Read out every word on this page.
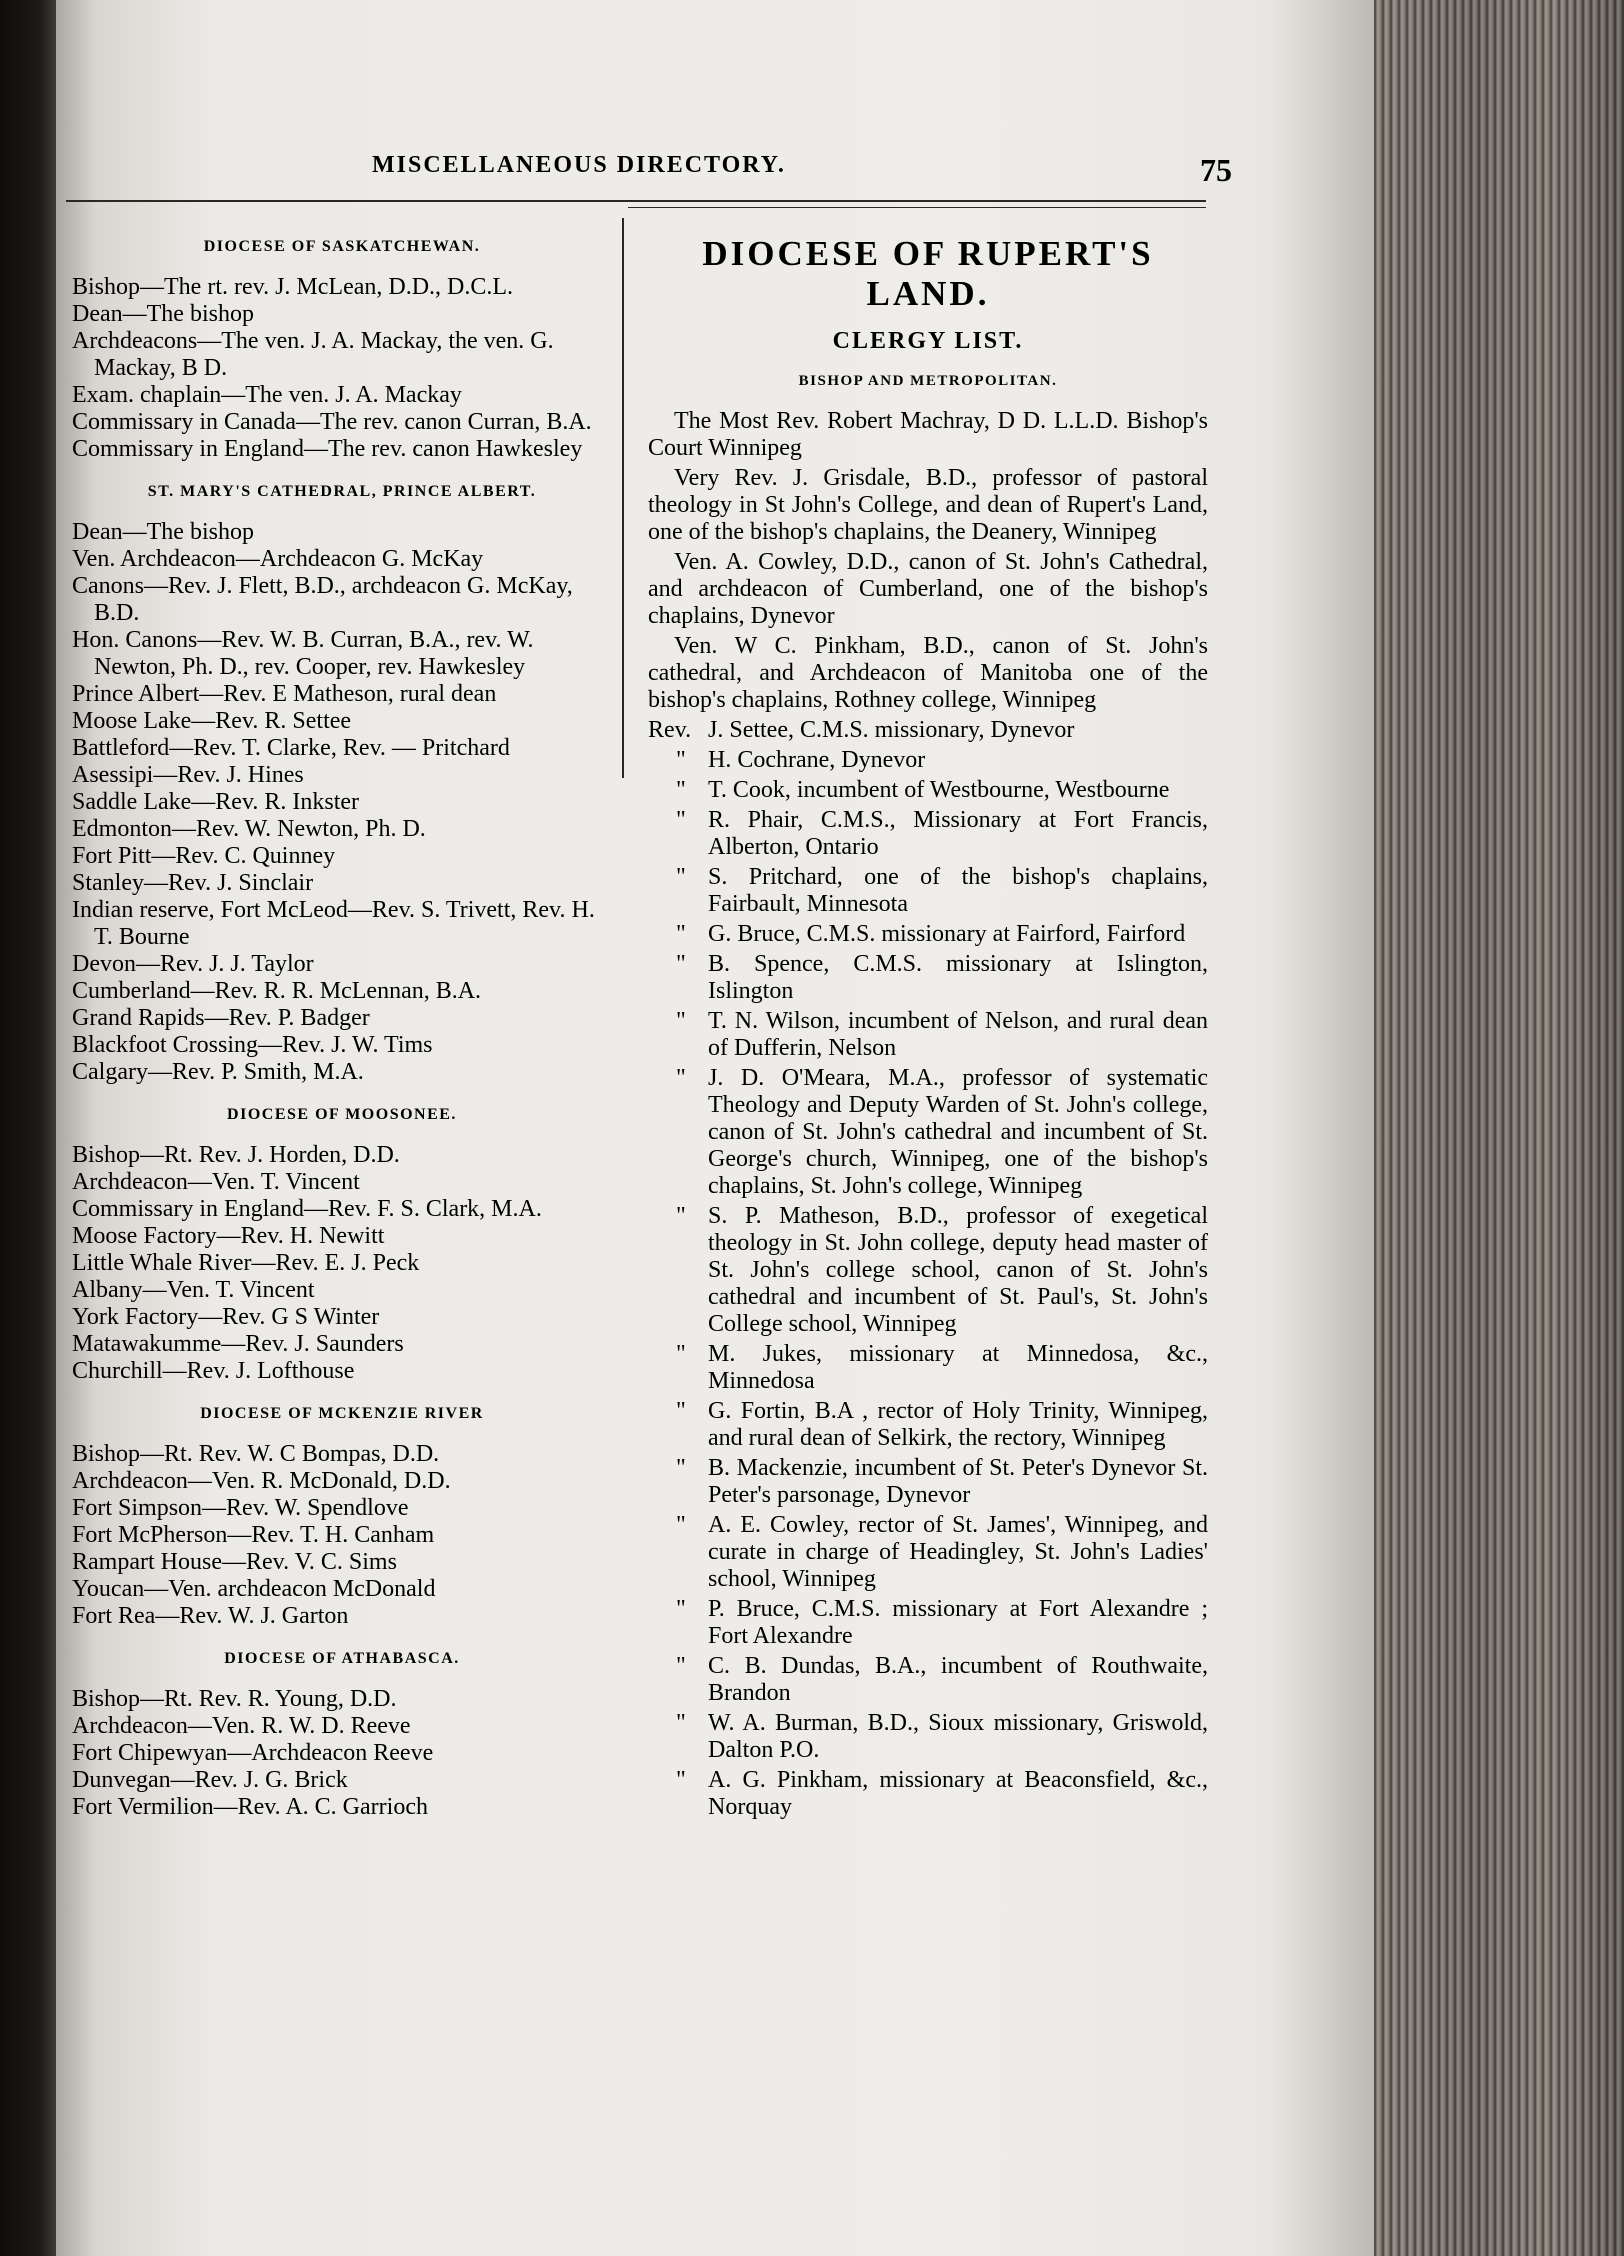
MISCELLANEOUS DIRECTORY.	75
DIOCESE OF SASKATCHEWAN.

Bishop—The rt. rev. J. McLean, D.D., D.C.L.

Dean—The bishop

Archdeacons—The ven. J. A. Mackay, the ven. G. Mackay, B D.

Exam. chaplain—The ven. J. A. Mackay

Commissary in Canada—The rev. canon Curran, B.A.

Commissary in England—The rev. canon Hawkesley

ST. MARY'S CATHEDRAL, PRINCE ALBERT.

Dean—The bishop

Ven. Archdeacon—Archdeacon G. McKay

Canons—Rev. J. Flett, B.D., archdeacon G. McKay, B.D.

Hon. Canons—Rev. W. B. Curran, B.A., rev. W. Newton, Ph. D., rev. Cooper, rev. Hawkesley

Prince Albert—Rev. E Matheson, rural dean

Moose Lake—Rev. R. Settee

Battleford—Rev. T. Clarke, Rev. — Pritchard

Asessipi—Rev. J. Hines

Saddle Lake—Rev. R. Inkster

Edmonton—Rev. W. Newton, Ph. D.

Fort Pitt—Rev. C. Quinney

Stanley—Rev. J. Sinclair

Indian reserve, Fort McLeod—Rev. S. Trivett, Rev. H. T. Bourne

Devon—Rev. J. J. Taylor

Cumberland—Rev. R. R. McLennan, B.A.

Grand Rapids—Rev. P. Badger

Blackfoot Crossing—Rev. J. W. Tims

Calgary—Rev. P. Smith, M.A.

DIOCESE OF MOOSONEE.

Bishop—Rt. Rev. J. Horden, D.D.

Archdeacon—Ven. T. Vincent

Commissary in England—Rev. F. S. Clark, M.A.

Moose Factory—Rev. H. Newitt

Little Whale River—Rev. E. J. Peck

Albany—Ven. T. Vincent

York Factory—Rev. G S Winter

Matawakumme—Rev. J. Saunders

Churchill—Rev. J. Lofthouse

DIOCESE OF MCKENZIE RIVER

Bishop—Rt. Rev. W. C Bompas, D.D.

Archdeacon—Ven. R. McDonald, D.D.

Fort Simpson—Rev. W. Spendlove

Fort McPherson—Rev. T. H. Canham

Rampart House—Rev. V. C. Sims

Youcan—Ven. archdeacon McDonald

Fort Rea—Rev. W. J. Garton

DIOCESE OF ATHABASCA.

Bishop—Rt. Rev. R. Young, D.D.

Archdeacon—Ven. R. W. D. Reeve

Fort Chipewyan—Archdeacon Reeve

Dunvegan—Rev. J. G. Brick

Fort Vermilion—Rev. A. C. Garrioch

DIOCESE OF RUPERT'S LAND.
CLERGY LIST.
BISHOP AND METROPOLITAN.

The Most Rev. Robert Machray, D D. L.L.D. Bishop's Court Winnipeg

Very Rev. J. Grisdale, B.D., professor of pastoral theology in St John's College, and dean of Rupert's Land, one of the bishop's chaplains, the Deanery, Winnipeg

Ven. A. Cowley, D.D., canon of St. John's Cathedral, and archdeacon of Cumberland, one of the bishop's chaplains, Dynevor

Ven. W C. Pinkham, B.D., canon of St. John's cathedral, and Archdeacon of Manitoba one of the bishop's chaplains, Rothney college, Winnipeg

Rev. J. Settee, C.M.S. missionary, Dynevor
" H. Cochrane, Dynevor
" T. Cook, incumbent of Westbourne, Westbourne
" R. Phair, C.M.S., Missionary at Fort Francis, Alberton, Ontario
" S. Pritchard, one of the bishop's chaplains, Fairbault, Minnesota
" G. Bruce, C.M.S. missionary at Fairford, Fairford
" B. Spence, C.M.S. missionary at Islington, Islington
" T. N. Wilson, incumbent of Nelson, and rural dean of Dufferin, Nelson
" J. D. O'Meara, M.A., professor of systematic Theology and Deputy Warden of St. John's college, canon of St. John's cathedral and incumbent of St. George's church, Winnipeg, one of the bishop's chaplains, St. John's college, Winnipeg
" S. P. Matheson, B.D., professor of exegetical theology in St. John college, deputy head master of St. John's college school, canon of St. John's cathedral and incumbent of St. Paul's, St. John's College school, Winnipeg
" M. Jukes, missionary at Minnedosa, &c., Minnedosa
" G. Fortin, B.A , rector of Holy Trinity, Winnipeg, and rural dean of Selkirk, the rectory, Winnipeg
" B. Mackenzie, incumbent of St. Peter's Dynevor St. Peter's parsonage, Dynevor
" A. E. Cowley, rector of St. James', Winnipeg, and curate in charge of Headingley, St. John's Ladies' school, Winnipeg
" P. Bruce, C.M.S. missionary at Fort Alexandre ; Fort Alexandre
" C. B. Dundas, B.A., incumbent of Routhwaite, Brandon
" W. A. Burman, B.D., Sioux missionary, Griswold, Dalton P.O.
" A. G. Pinkham, missionary at Beaconsfield, &c., Norquay
